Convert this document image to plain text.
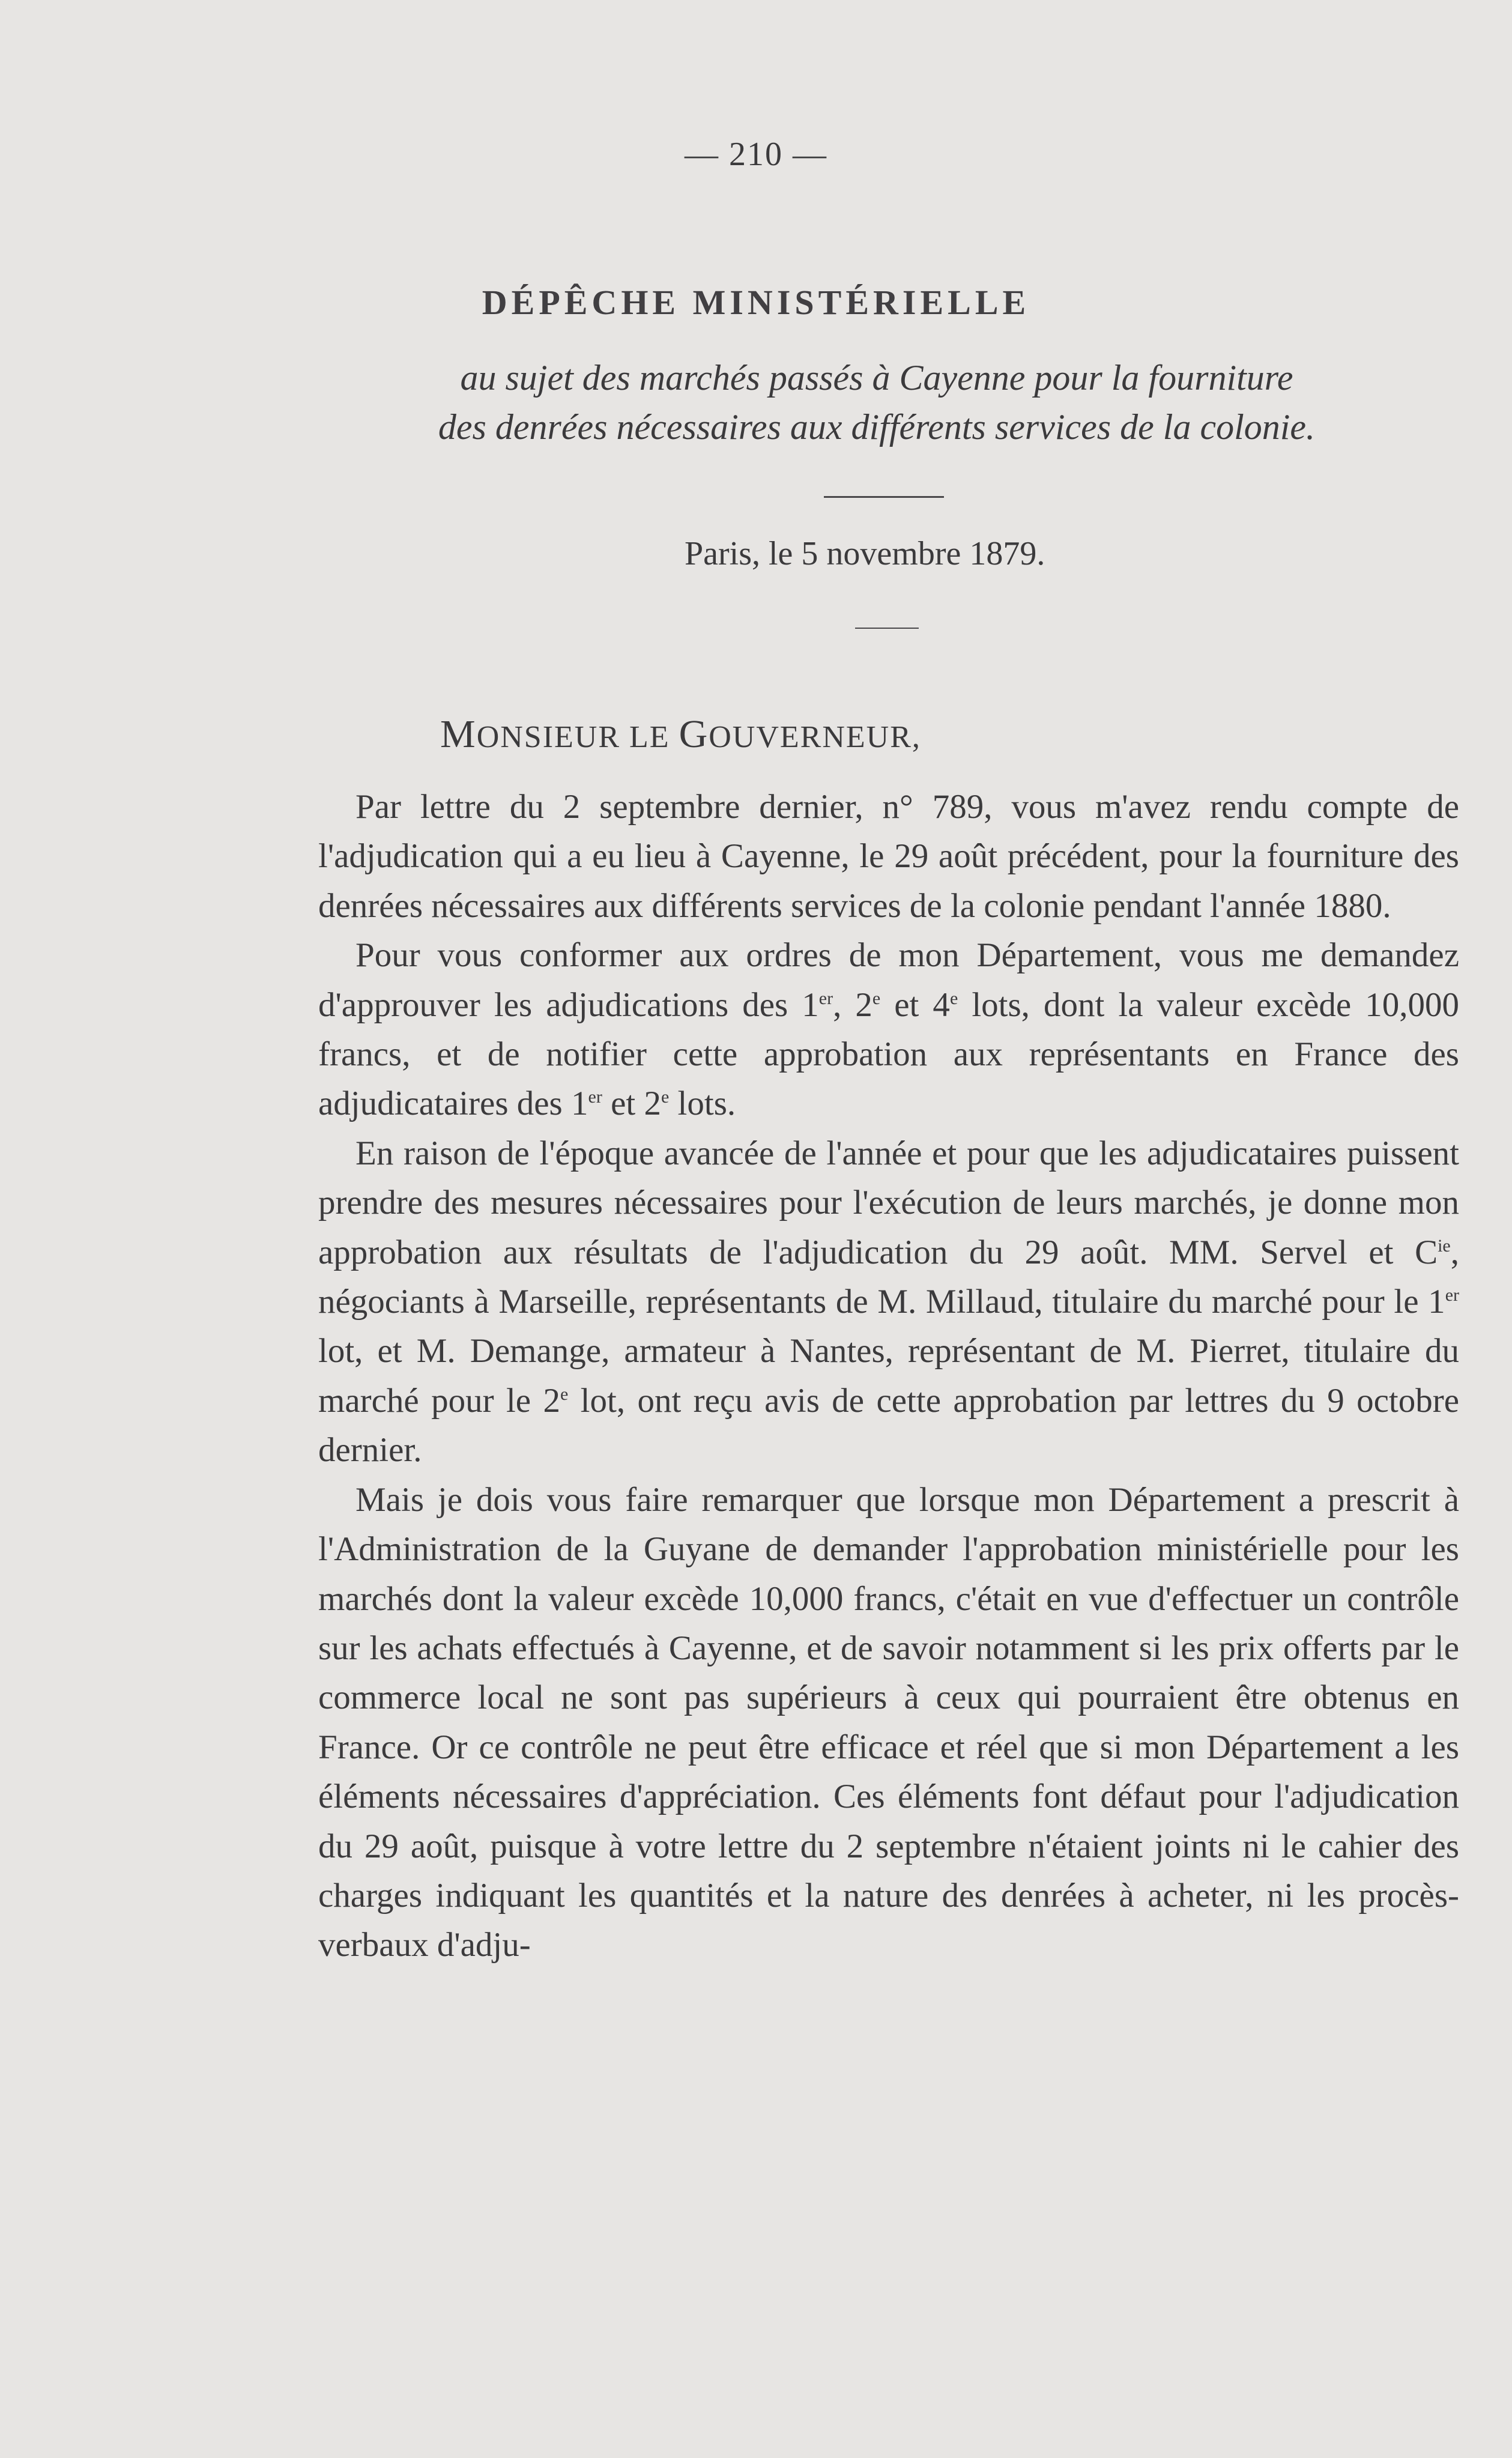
— 210 —
DÉPÊCHE MINISTÉRIELLE
au sujet des marchés passés à Cayenne pour la fourniture
des denrées nécessaires aux différents services de la colonie.
Paris, le 5 novembre 1879.
MONSIEUR LE GOUVERNEUR,

Par lettre du 2 septembre dernier, n° 789, vous m'avez rendu compte de l'adjudication qui a eu lieu à Cayenne, le 29 août précédent, pour la fourniture des denrées nécessaires aux différents services de la colonie pendant l'année 1880.

Pour vous conformer aux ordres de mon Département, vous me demandez d'approuver les adjudications des 1er, 2e et 4e lots, dont la valeur excède 10,000 francs, et de notifier cette approbation aux représentants en France des adjudicataires des 1er et 2e lots.

En raison de l'époque avancée de l'année et pour que les adjudicataires puissent prendre des mesures nécessaires pour l'exécution de leurs marchés, je donne mon approbation aux résultats de l'adjudication du 29 août. MM. Servel et $C^{ie}$, négociants à Marseille, représentants de M. Millaud, titulaire du marché pour le 1er lot, et M. Demange, armateur à Nantes, représentant de M. Pierret, titulaire du marché pour le 2e lot, ont reçu avis de cette approbation par lettres du 9 octobre dernier.

Mais je dois vous faire remarquer que lorsque mon Département a prescrit à l'Administration de la Guyane de demander l'approbation ministérielle pour les marchés dont la valeur excède 10,000 francs, c'était en vue d'effectuer un contrôle sur les achats effectués à Cayenne, et de savoir notamment si les prix offerts par le commerce local ne sont pas supérieurs à ceux qui pourraient être obtenus en France. Or ce contrôle ne peut être efficace et réel que si mon Département a les éléments nécessaires d'appréciation. Ces éléments font défaut pour l'adjudication du 29 août, puisque à votre lettre du 2 septembre n'étaient joints ni le cahier des charges indiquant les quantités et la nature des denrées à acheter, ni les procès-verbaux d'adju-
